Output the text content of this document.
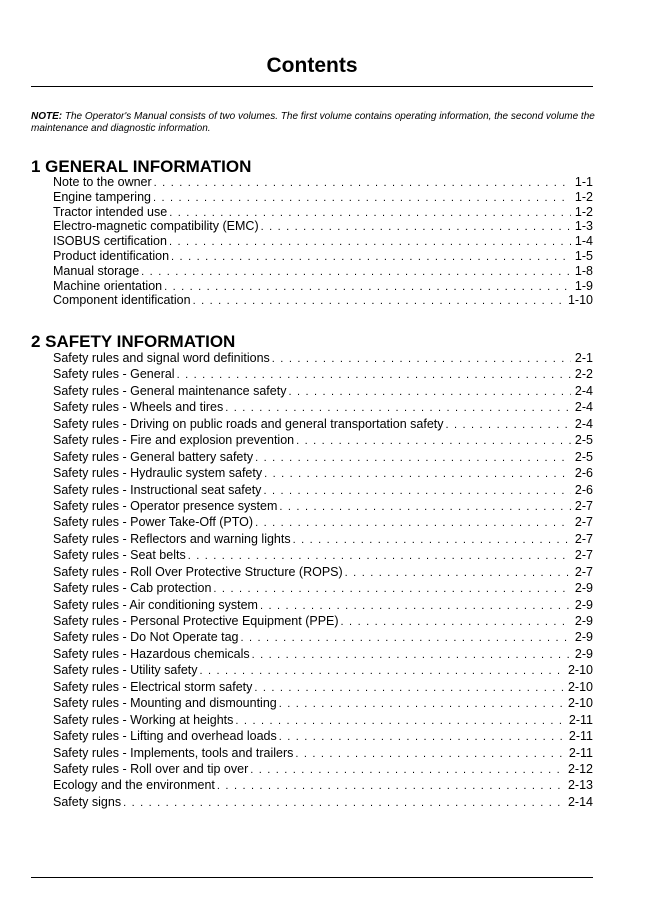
Contents

NOTE: The Operator's Manual consists of two volumes. The first volume contains operating information, the second volume the maintenance and diagnostic information.

1 GENERAL INFORMATION
Note to the owner . . .	1-1
Engine tampering . . .	1-2
Tractor intended use . . .	1-2
Electro-magnetic compatibility (EMC) . . .	1-3
ISOBUS certification . . .	1-4
Product identification . . .	1-5
Manual storage . . .	1-8
Machine orientation . . .	1-9
Component identification . . .	1-10
2 SAFETY INFORMATION
Safety rules and signal word definitions . . .	2-1
Safety rules - General . . .	2-2
Safety rules - General maintenance safety . . .	2-4
Safety rules - Wheels and tires . . .	2-4
Safety rules - Driving on public roads and general transportation safety . . .	2-4
Safety rules - Fire and explosion prevention . . .	2-5
Safety rules - General battery safety . . .	2-5
Safety rules - Hydraulic system safety . . .	2-6
Safety rules - Instructional seat safety . . .	2-6
Safety rules - Operator presence system . . .	2-7
Safety rules - Power Take-Off (PTO) . . .	2-7
Safety rules - Reflectors and warning lights . . .	2-7
Safety rules - Seat belts . . .	2-7
Safety rules - Roll Over Protective Structure (ROPS) . . .	2-7
Safety rules - Cab protection . . .	2-9
Safety rules - Air conditioning system . . .	2-9
Safety rules - Personal Protective Equipment (PPE) . . .	2-9
Safety rules - Do Not Operate tag . . .	2-9
Safety rules - Hazardous chemicals . . .	2-9
Safety rules - Utility safety . . .	2-10
Safety rules - Electrical storm safety . . .	2-10
Safety rules - Mounting and dismounting . . .	2-10
Safety rules - Working at heights . . .	2-11
Safety rules - Lifting and overhead loads . . .	2-11
Safety rules - Implements, tools and trailers . . .	2-11
Safety rules - Roll over and tip over . . .	2-12
Ecology and the environment . . .	2-13
Safety signs . . .	2-14
